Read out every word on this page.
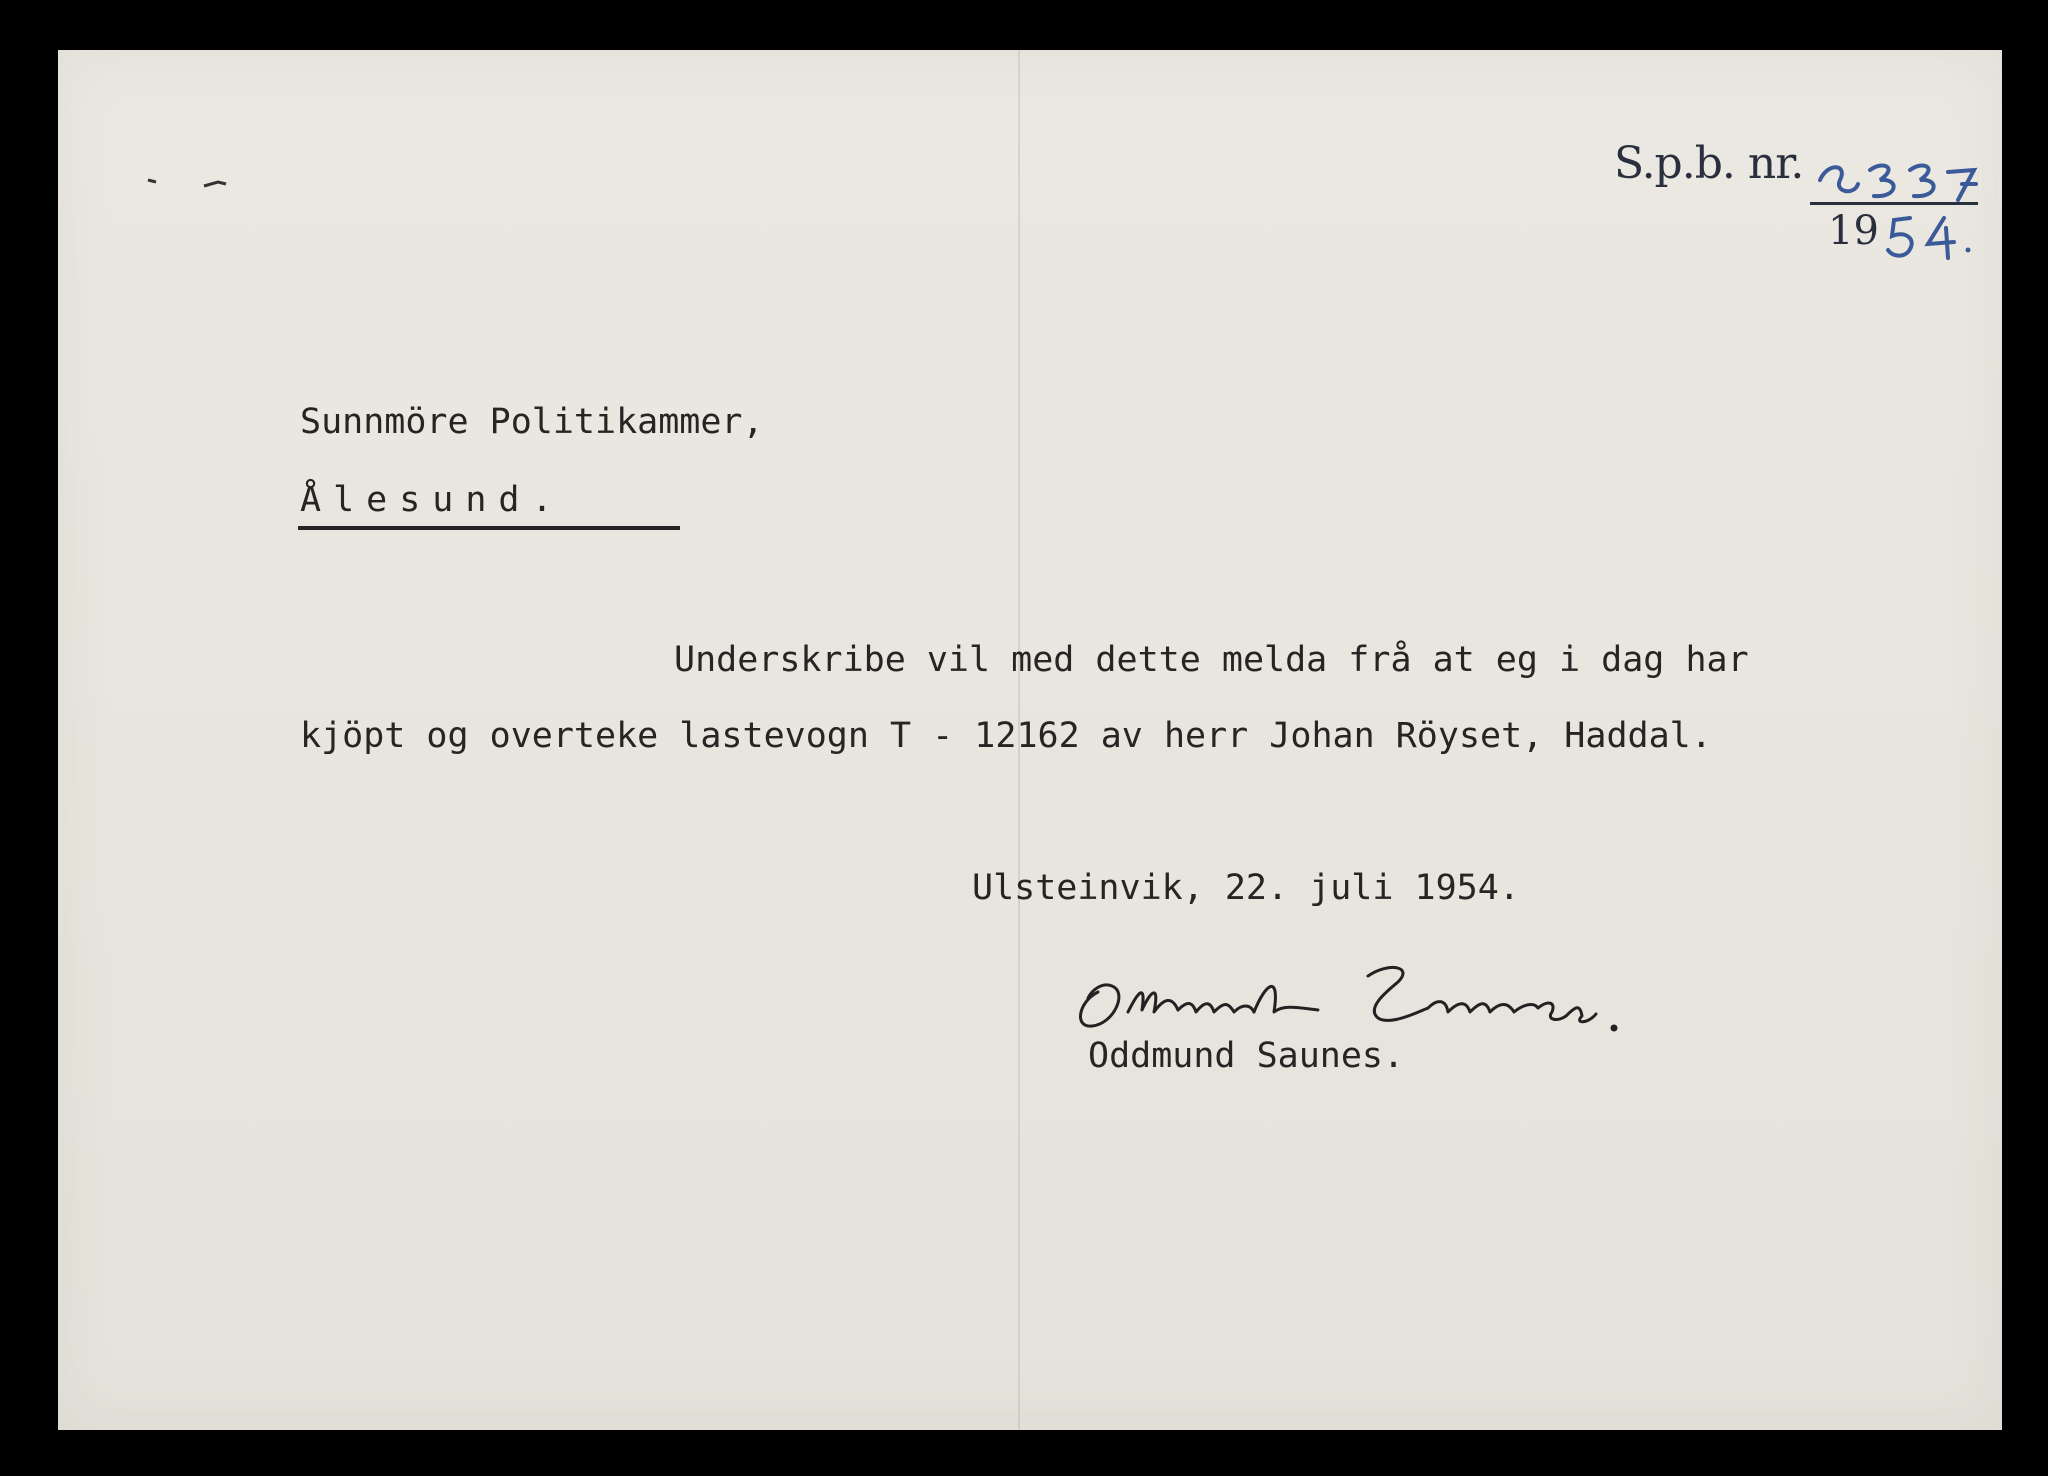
S.p.b. nr.
19
Sunnmöre Politikammer,
Ålesund.
Underskribe vil med dette melda frå at eg i dag har
kjöpt og overteke lastevogn T - 12162 av herr Johan Röyset, Haddal.
Ulsteinvik, 22. juli 1954.
Oddmund Saunes.
